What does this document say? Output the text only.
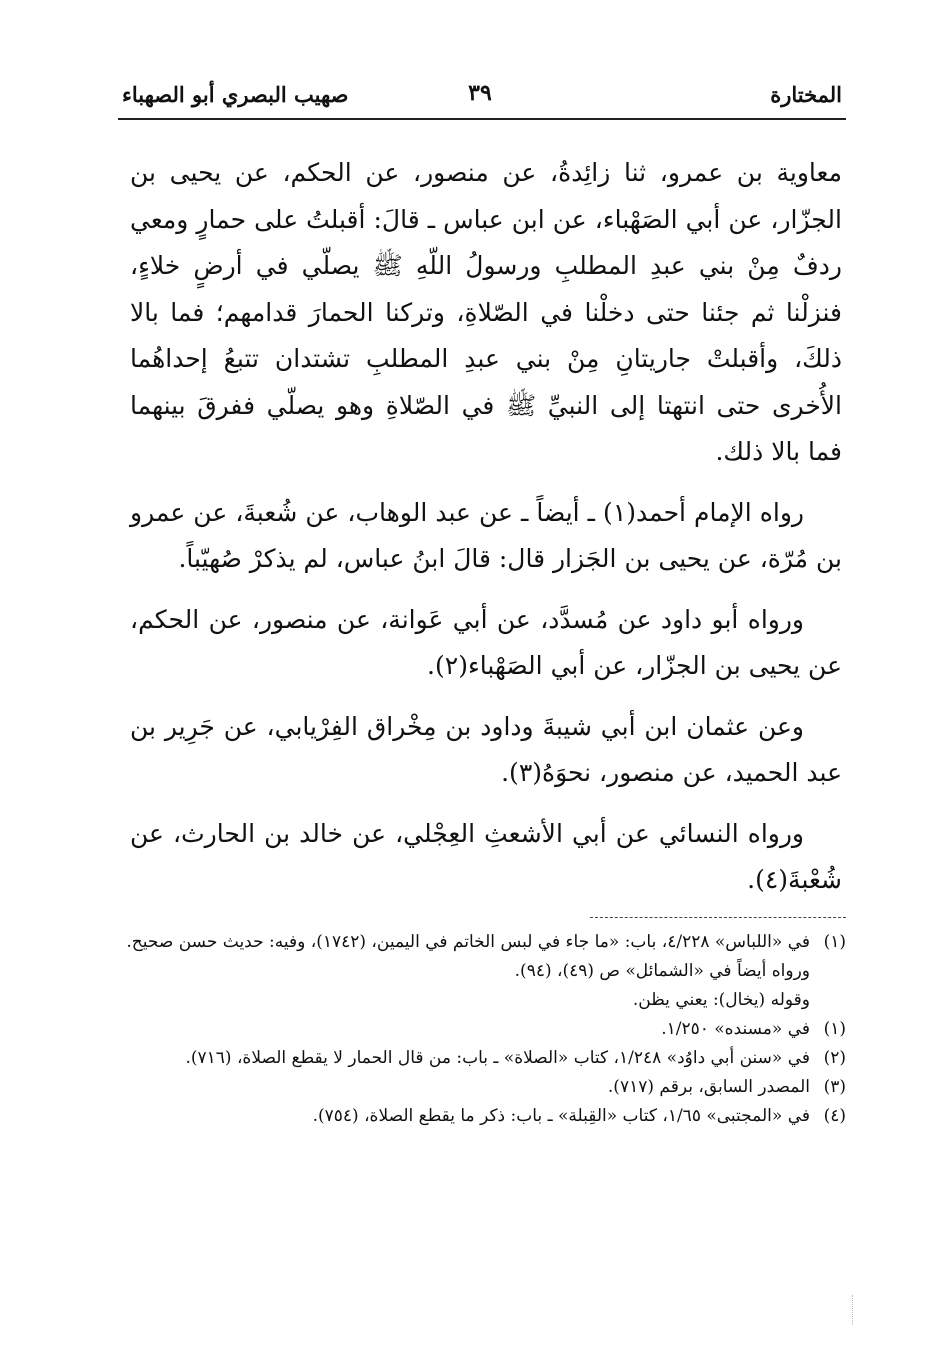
المختارة
٣٩
صهيب البصري أبو الصهباء

معاوية بن عمرو، ثنا زائِدةُ، عن منصور، عن الحكم، عن يحيى بن الجزّار، عن أبي الصَهْباء، عن ابن عباس ـ قالَ: أقبلتُ على حمارٍ ومعي ردفٌ مِنْ بني عبدِ المطلبِ ورسولُ اللّهِ ﷺ يصلّي في أرضٍ خلاءٍ، فنزلْنا ثم جئنا حتى دخلْنا في الصّلاةِ، وتركنا الحمارَ قدامهم؛ فما بالا ذلكَ، وأقبلتْ جاريتانِ مِنْ بني عبدِ المطلبِ تشتدان تتبعُ إحداهُما الأُخرى حتى انتهتا إلى النبيِّ ﷺ في الصّلاةِ وهو يصلّي ففرقَ بينهما فما بالا ذلك.

رواه الإمام أحمد(١) ـ أيضاً ـ عن عبد الوهاب، عن شُعبةَ، عن عمرو بن مُرّة، عن يحيى بن الجَزار قال: قالَ ابنُ عباس، لم يذكرْ صُهيّباً.

ورواه أبو داود عن مُسدَّد، عن أبي عَوانة، عن منصور، عن الحكم، عن يحيى بن الجزّار، عن أبي الصَهْباء(٢).

وعن عثمان ابن أبي شيبةَ وداود بن مِخْراق الفِرْيابي، عن جَرِير بن عبد الحميد، عن منصور، نحوَهُ(٣).

ورواه النسائي عن أبي الأشعثِ العِجْلي، عن خالد بن الحارث، عن شُعْبةَ(٤).

(١)في «اللباس» ٤/٢٢٨، باب: «ما جاء في لبس الخاتم في اليمين، (١٧٤٢)، وفيه: حديث حسن صحيح.

ورواه أيضاً في «الشمائل» ص (٤٩)، (٩٤).

وقوله (يخال): يعني يظن.

(١)في «مسنده» ١/٢٥٠.

(٢)في «سنن أبي داوُد» ١/٢٤٨، كتاب «الصلاة» ـ باب: من قال الحمار لا يقطع الصلاة، (٧١٦).

(٣)المصدر السابق، برقم (٧١٧).

(٤)في «المجتبى» ١/٦٥، كتاب «القِبلة» ـ باب: ذكر ما يقطع الصلاة، (٧٥٤).
